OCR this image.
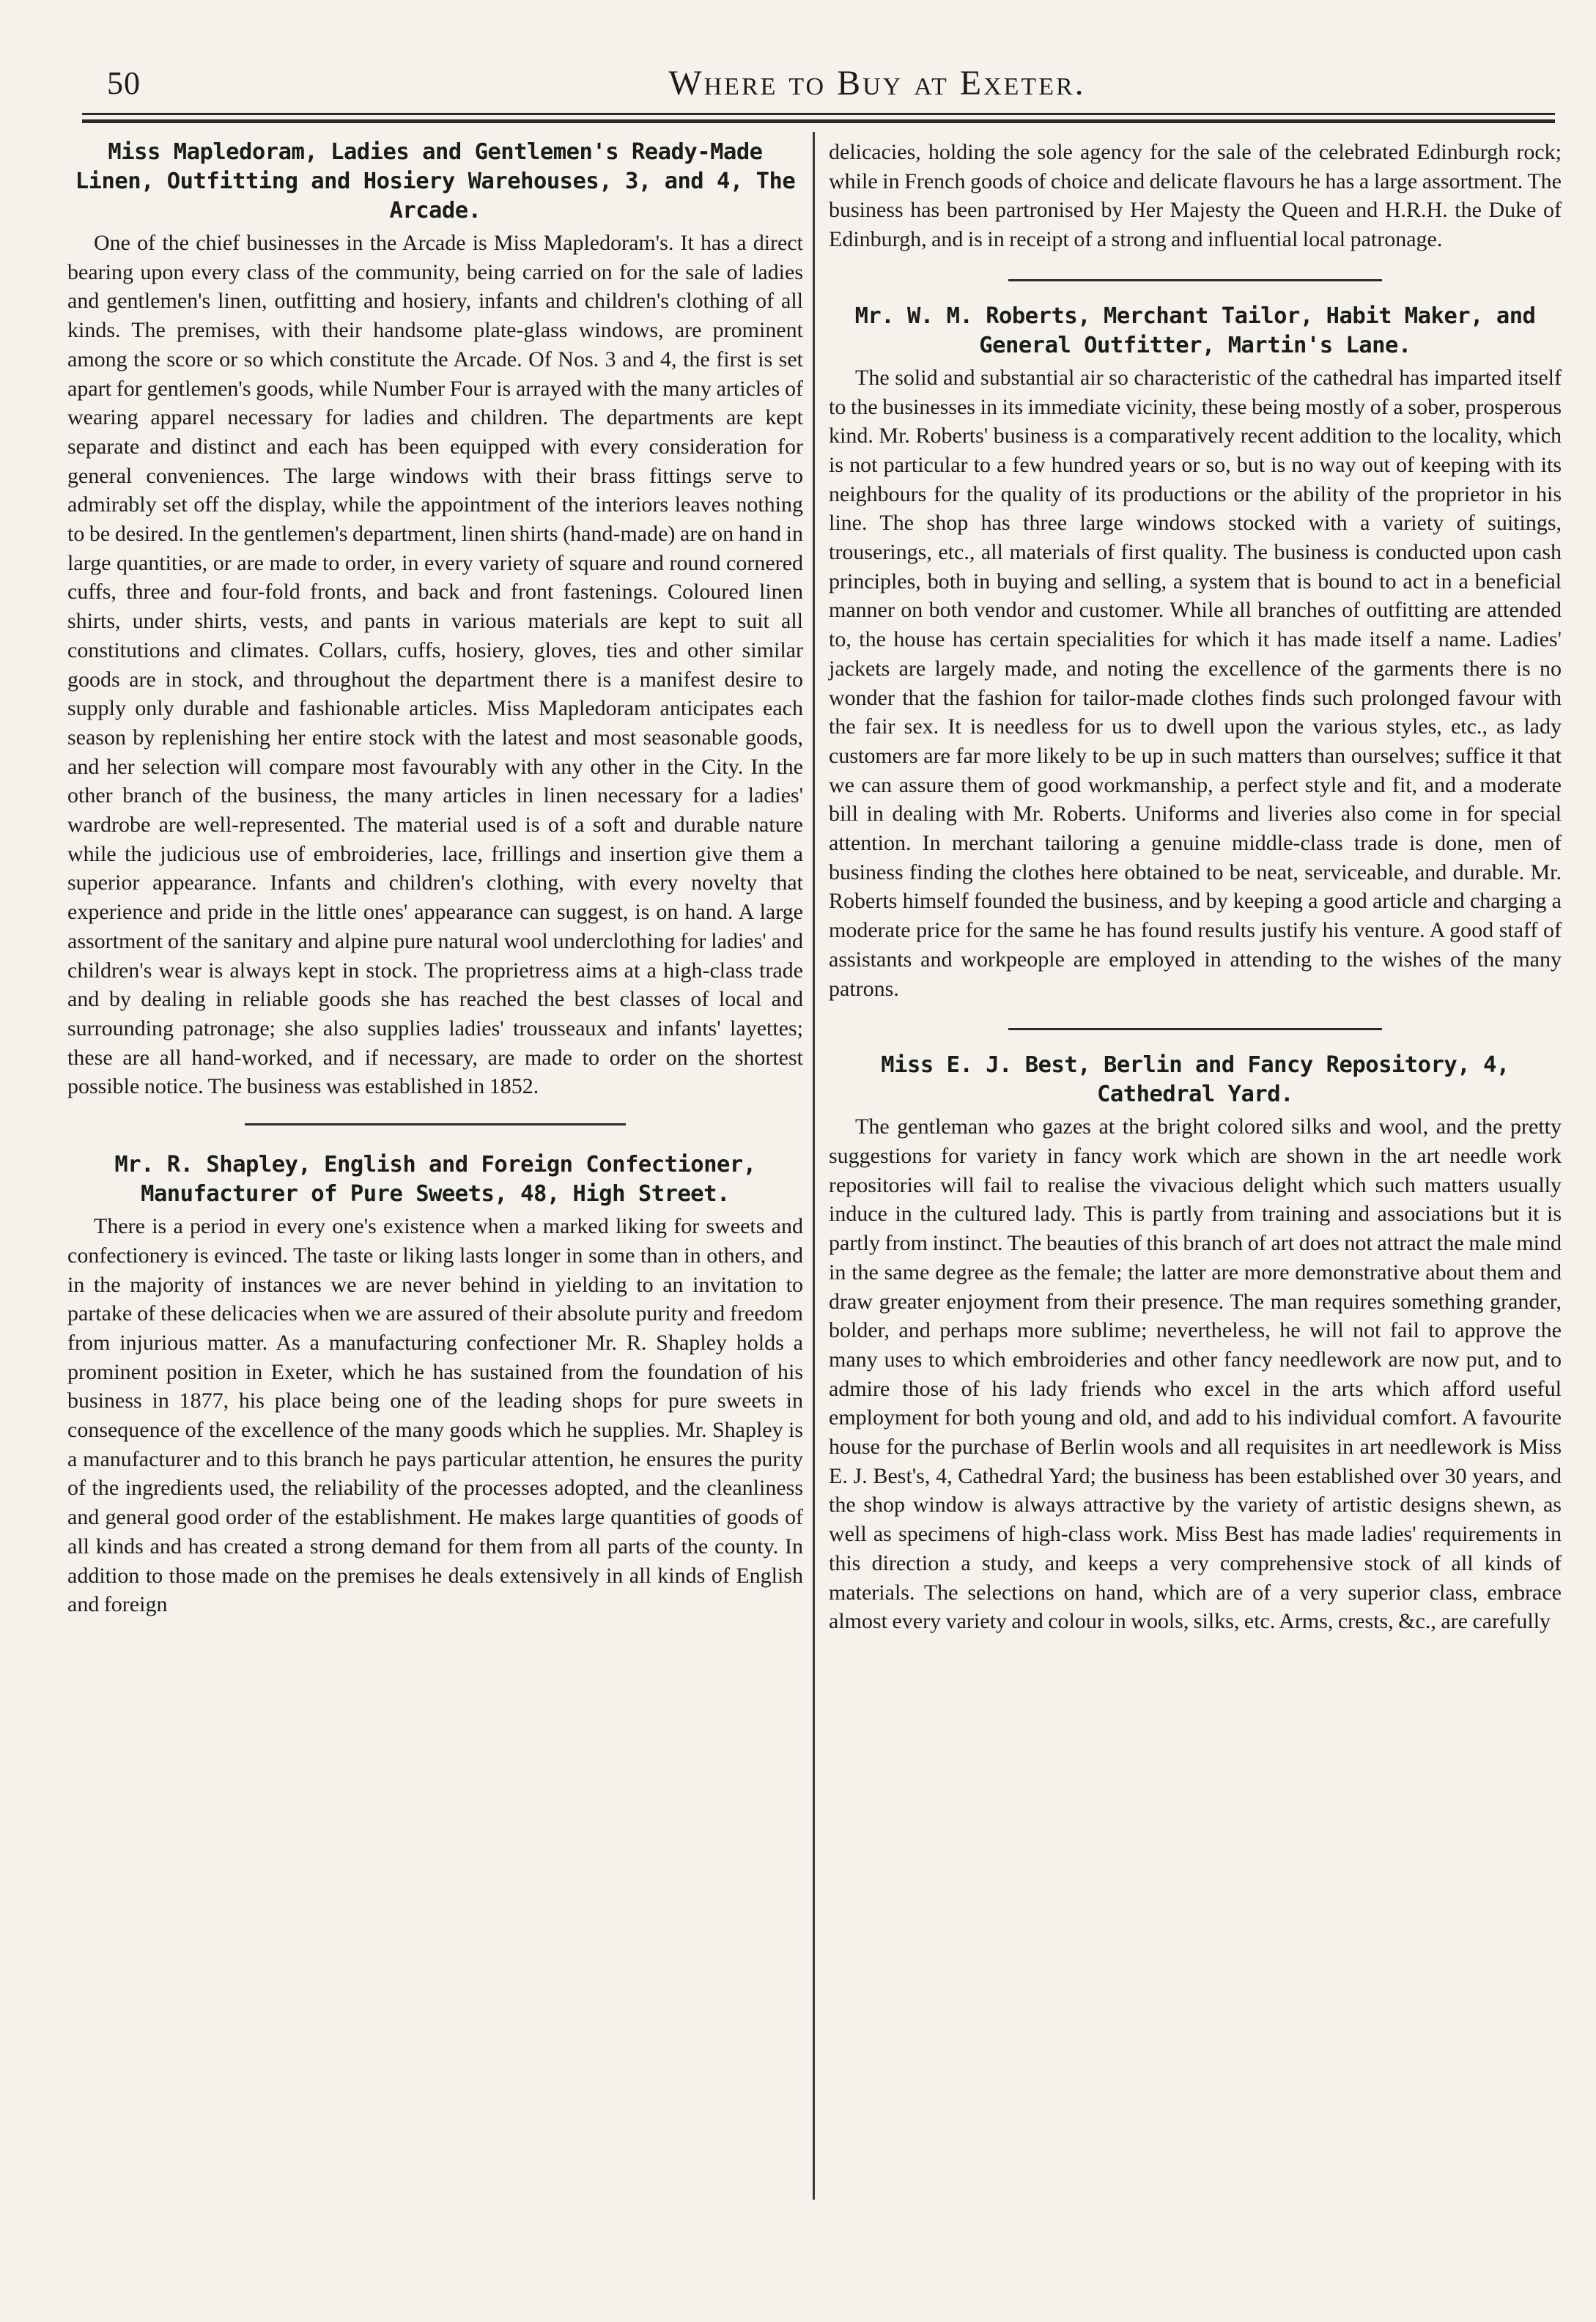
50	Where to Buy at Exeter.
Miss Mapledoram, Ladies and Gentlemen's Ready-Made Linen, Outfitting and Hosiery Warehouses, 3, and 4, The Arcade.

One of the chief businesses in the Arcade is Miss Mapledoram's. It has a direct bearing upon every class of the community, being carried on for the sale of ladies and gentlemen's linen, outfitting and hosiery, infants and children's clothing of all kinds. The premises, with their handsome plate-glass windows, are prominent among the score or so which constitute the Arcade. Of Nos. 3 and 4, the first is set apart for gentlemen's goods, while Number Four is arrayed with the many articles of wearing apparel necessary for ladies and children. The departments are kept separate and distinct and each has been equipped with every consideration for general conveniences. The large windows with their brass fittings serve to admirably set off the display, while the appointment of the interiors leaves nothing to be desired. In the gentlemen's department, linen shirts (hand-made) are on hand in large quantities, or are made to order, in every variety of square and round cornered cuffs, three and four-fold fronts, and back and front fastenings. Coloured linen shirts, under shirts, vests, and pants in various materials are kept to suit all constitutions and climates. Collars, cuffs, hosiery, gloves, ties and other similar goods are in stock, and throughout the department there is a manifest desire to supply only durable and fashionable articles. Miss Mapledoram anticipates each season by replenishing her entire stock with the latest and most seasonable goods, and her selection will compare most favourably with any other in the City. In the other branch of the business, the many articles in linen necessary for a ladies' wardrobe are well-represented. The material used is of a soft and durable nature while the judicious use of embroideries, lace, frillings and insertion give them a superior appearance. Infants and children's clothing, with every novelty that experience and pride in the little ones' appearance can suggest, is on hand. A large assortment of the sanitary and alpine pure natural wool underclothing for ladies' and children's wear is always kept in stock. The proprietress aims at a high-class trade and by dealing in reliable goods she has reached the best classes of local and surrounding patronage; she also supplies ladies' trousseaux and infants' layettes; these are all hand-worked, and if necessary, are made to order on the shortest possible notice. The business was established in 1852.

Mr. R. Shapley, English and Foreign Confectioner, Manufacturer of Pure Sweets, 48, High Street.

There is a period in every one's existence when a marked liking for sweets and confectionery is evinced. The taste or liking lasts longer in some than in others, and in the majority of instances we are never behind in yielding to an invitation to partake of these delicacies when we are assured of their absolute purity and freedom from injurious matter. As a manufacturing confectioner Mr. R. Shapley holds a prominent position in Exeter, which he has sustained from the foundation of his business in 1877, his place being one of the leading shops for pure sweets in consequence of the excellence of the many goods which he supplies. Mr. Shapley is a manufacturer and to this branch he pays particular attention, he ensures the purity of the ingredients used, the reliability of the processes adopted, and the cleanliness and general good order of the establishment. He makes large quantities of goods of all kinds and has created a strong demand for them from all parts of the county. In addition to those made on the premises he deals extensively in all kinds of English and foreign

delicacies, holding the sole agency for the sale of the celebrated Edinburgh rock; while in French goods of choice and delicate flavours he has a large assortment. The business has been partronised by Her Majesty the Queen and H.R.H. the Duke of Edinburgh, and is in receipt of a strong and influential local patronage.

Mr. W. M. Roberts, Merchant Tailor, Habit Maker, and General Outfitter, Martin's Lane.

The solid and substantial air so characteristic of the cathedral has imparted itself to the businesses in its immediate vicinity, these being mostly of a sober, prosperous kind. Mr. Roberts' business is a comparatively recent addition to the locality, which is not particular to a few hundred years or so, but is no way out of keeping with its neighbours for the quality of its productions or the ability of the proprietor in his line. The shop has three large windows stocked with a variety of suitings, trouserings, etc., all materials of first quality. The business is conducted upon cash principles, both in buying and selling, a system that is bound to act in a beneficial manner on both vendor and customer. While all branches of outfitting are attended to, the house has certain specialities for which it has made itself a name. Ladies' jackets are largely made, and noting the excellence of the garments there is no wonder that the fashion for tailor-made clothes finds such prolonged favour with the fair sex. It is needless for us to dwell upon the various styles, etc., as lady customers are far more likely to be up in such matters than ourselves; suffice it that we can assure them of good workmanship, a perfect style and fit, and a moderate bill in dealing with Mr. Roberts. Uniforms and liveries also come in for special attention. In merchant tailoring a genuine middle-class trade is done, men of business finding the clothes here obtained to be neat, serviceable, and durable. Mr. Roberts himself founded the business, and by keeping a good article and charging a moderate price for the same he has found results justify his venture. A good staff of assistants and workpeople are employed in attending to the wishes of the many patrons.

Miss E. J. Best, Berlin and Fancy Repository, 4, Cathedral Yard.

The gentleman who gazes at the bright colored silks and wool, and the pretty suggestions for variety in fancy work which are shown in the art needle work repositories will fail to realise the vivacious delight which such matters usually induce in the cultured lady. This is partly from training and associations but it is partly from instinct. The beauties of this branch of art does not attract the male mind in the same degree as the female; the latter are more demonstrative about them and draw greater enjoyment from their presence. The man requires something grander, bolder, and perhaps more sublime; nevertheless, he will not fail to approve the many uses to which embroideries and other fancy needlework are now put, and to admire those of his lady friends who excel in the arts which afford useful employment for both young and old, and add to his individual comfort. A favourite house for the purchase of Berlin wools and all requisites in art needlework is Miss E. J. Best's, 4, Cathedral Yard; the business has been established over 30 years, and the shop window is always attractive by the variety of artistic designs shewn, as well as specimens of high-class work. Miss Best has made ladies' requirements in this direction a study, and keeps a very comprehensive stock of all kinds of materials. The selections on hand, which are of a very superior class, embrace almost every variety and colour in wools, silks, etc. Arms, crests, &c., are carefully
